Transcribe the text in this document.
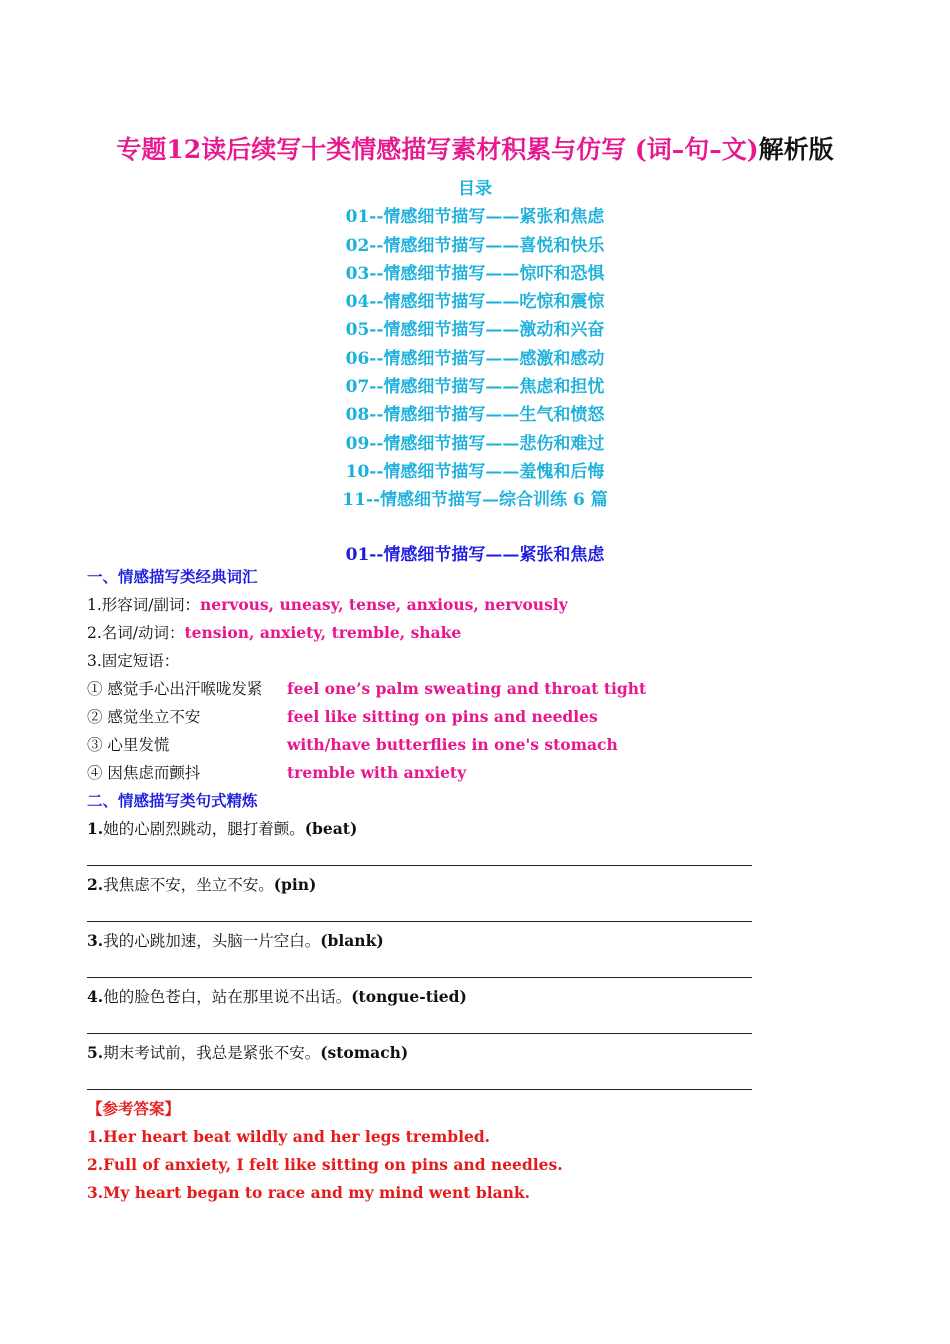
专题12读后续写十类情感描写素材积累与仿写 (词–句–文)解析版
目录
01--情感细节描写——紧张和焦虑
02--情感细节描写——喜悦和快乐
03--情感细节描写——惊吓和恐惧
04--情感细节描写——吃惊和震惊
05--情感细节描写——激动和兴奋
06--情感细节描写——感激和感动
07--情感细节描写——焦虑和担忧
08--情感细节描写——生气和愤怒
09--情感细节描写——悲伤和难过
10--情感细节描写——羞愧和后悔
11--情感细节描写—综合训练 6 篇
01--情感细节描写——紧张和焦虑
一、情感描写类经典词汇
1.形容词/副词：nervous, uneasy, tense, anxious, nervously
2.名词/动词：tension, anxiety, tremble, shake
3.固定短语：
① 感觉手心出汗喉咙发紧 feel one’s palm sweating and throat tight
② 感觉坐立不安	feel like sitting on pins and needles
③ 心里发慌	with/have butterflies in one's stomach
④ 因焦虑而颤抖	tremble with anxiety
二、情感描写类句式精炼
1.她的心剧烈跳动，腿打着颤。(beat)
2.我焦虑不安，坐立不安。(pin)
3.我的心跳加速，头脑一片空白。(blank)
4.他的脸色苍白，站在那里说不出话。(tongue-tied)
5.期末考试前，我总是紧张不安。(stomach)
【参考答案】
1.Her heart beat wildly and her legs trembled.
2.Full of anxiety, I felt like sitting on pins and needles.
3.My heart began to race and my mind went blank.
